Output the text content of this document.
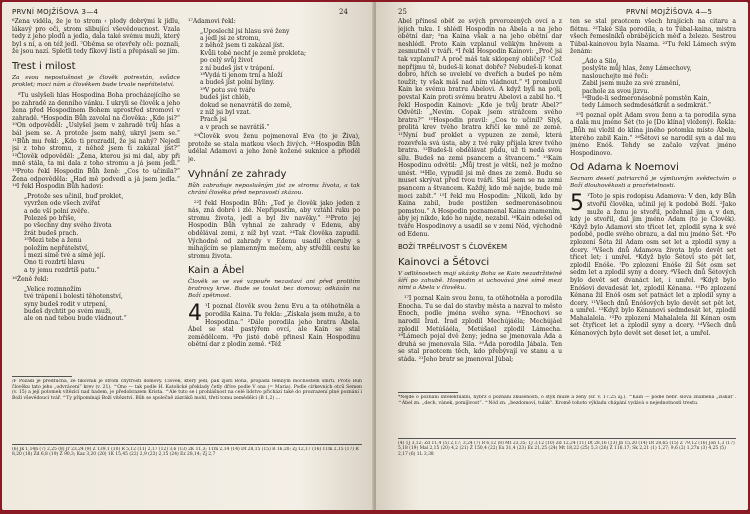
PRVNÍ MOJŽÍŠOVA 3—4	24

⁶Žena viděla, že je to strom ‹ plody dobrými k jídlu, lákavý pro oči, strom slibující vševědoucnost. Vzala tedy z jeho plodů a jedla, dala také svému muži, který byl s ní, a on též jedl. ⁷Oběma se otevřely oči: poznali, že jsou nazí. Spletli tedy fíkový listí a přepásali se jím.

Trest i milost
Za svou neposlušnost je člověk potrestán, svůdce proklet; moci nám a člověkem bude trvale nepřátelství.

⁸Tu uslyšeli hlas Hospodina Boha procházejícího se po zahradě za denního vánku. I ukryli se člověk a jeho žena před Hospodinem Bohem uprostřed stromoví v zahradě. ⁹Hospodin Bůh zavolal na člověka: „Kde jsi?“ ¹⁰On odpověděl: „Uslyšel jsem v zahradě tvůj hlas a bál jsem se. A protože jsem nahý, ukryl jsem se.“ ¹¹Bůh mu řekl: „Kdo ti prozradil, že jsi nahý? Nejedl jsi z toho stromu, z něhož jsem ti zakázal jíst?“ ¹²Člověk odpověděl: „Žena, kterou jsi mi dal, aby při mně stála, ta mi dala z toho stromu a já jsem jedl.“ ¹³Proto řekl Hospodin Bůh ženě: „Cos to učinila?“ Žena odpověděla: „Had mě podvedl a já jsem jedla.“ ¹⁴I řekl Hospodin Bůh hadovi:

„Protože ses učinil, buď proklet,
vyvržen ode všech zvířat
a ode vší polní zvěře.
Polezeš po břiše,
po všechny dny svého života
žrát budeš prach.
¹⁵Mezi tebe a ženu
položím nepřátelství,
i mezi símě tvé a símě její.
Ono ti rozdrtí hlavu
a ty jemu rozdrtíš patu.“

¹⁶Ženě řekl:

„Velice rozmnožím
tvé trápení i bolesti těhotenství,
syny budeš rodit v utrpení,
budeš dychtit po svém muži,
ale on nad tebou bude vládnout.“

¹⁷Adamovi řekl:

„Uposlechl jsi hlasu své ženy
a jedl jsi ze stromu,
z něhož jsem ti zakázal jíst.
Kvůli tobě nechť je země prokleta;
po celý svůj život
z ní budeš jíst v trápení.
¹⁸Vydá ti jenom trní a hloží
a budeš jíst polní byliny.
¹⁹V potu své tváře
budeš jíst chléb,
dokud se nenavrátíš do země,
z níž jsi byl vzat.
Prach jsi
a v prach se navrátíš.“

²⁰Člověk svou ženu pojmenoval Eva (to je Živa), protože se stala matkou všech živých. ²¹Hospodin Bůh udělal Adamovi a jeho ženě kožené suknice a přioděl je.

Vyhnání ze zahrady
Bůh zabraňuje neposlušným jíst ze stromu života, a tak chrání člověka před nepravostí zkázou.

²²I řekl Hospodin Bůh: „Teď je člověk jako jeden z nás, zná dobré i zlé. Nepřipustím, aby vztáhl ruku po stromu života, jedl a byl živ navěky.“ ²³Proto jej Hospodin Bůh vyhnal ze zahrady v Edenu, aby obdělával zemi, z níž byl vzat. ²⁴Tak člověka zapudil. Východně od zahrady v Edenu usadil cheruby s mihajícím se plamenným mečem, aby střežili cestu ke stromu života.

Kain a Ábel
Člověk se ve své vzpouře nezastaví ani před prolitím bratrovy krve. Bude se toulat bez domova; odkázán na Boží zpětmost.

4 ¹I poznal člověk svou ženu Evu a ta otěhotněla a porodila Kaina. Tu řekla: „Získala jsem muže, a to Hospodina.“ ²Dále porodila jeho bratra Ábela. Ábel se stal pastýřem ovcí, ale Kain se stal zemědělcem. ³Po jisté době přinesl Kain Hospodinu obětní dar z plodin země. ⁴Též

/F Pozadí je předtucha, že fíkovník je strom chytrosti domovy. Člověk, který jedl, pak zjistí Boha, propadá temným mocnostem smrti. Proto Bůh člověku tato jeho „odvrácení“ krev (v. 21). ^Ono — tak podle H. Katolické překlady četly dříve podle V ona (= Maria). Podle církevních otců Semen (v. 15) a její potomek vítězící nad hadem, je předobrazem Krista. ^Ale tuto se i prohlášnost na celé lidstvo přichází také do prozrazení plné poznání i Boží vševědoucí tvář. ^Ty připomínají Boží vítězství. Bůh se společně zázráků mohl, třetí tomu zemědělci (B 1,2) ...
(6) Jk 1,14n (7) 2,25 (8) Jr 23,24 (9) Ž 139,1 (10) Ř 5,12 (11) 2,17 (12) 3,6 (13) 2K 11,3; 1Tm 2,14 (14) Dt 28,15 (15) Ř 16,20; Zj 12,17 (16) 1Tm 2,15 (17) Ř 8,20 (18) Žd 6,8 (19) Ž 90,3; Kaz 3,20 (20) 1K 15,45 (22) 2,9 (23) 2,15 (24) Ez 28,14; Zj 2,7
25	PRVNÍ MOJŽÍŠOVA 4—5

Ábel přinesl oběť ze svých prvorozených ovcí a z jejich tuku. I shlédl Hospodin na Ábela a na jeho obětní dar; ⁵na Kaina však a na jeho obětní dar neshlédl. Proto Kain vzplanul velikým hněvem a zesmutněl v tváři. ⁶I řekl Hospodin Kainovi: „Proč jsi tak vzplanul? A proč máš tak sklopený obličej? ⁷Což nepřijmu tě, budeš-li konat dobře? Nebudeš-li konat dobro, hřích se uvelebí ve dveřích a budeš po něm toužit; ty však máš nad ním vládnout.“ ⁸I promluvil Kain ke svému bratru Ábelovi. A když byli na poli, povstal Kain proti svému bratru Ábelovi a zabil ho. ⁹I řekl Hospodin Kainovi: „Kde je tvůj bratr Ábel?“ Odvětil: „Nevím. Copak jsem strážcem svého bratra?“ ¹⁰Hospodin pravil: „Cos to učinil? Slyš, prolitá krev tvého bratra křičí ke mně ze země. ¹¹Nyní buď proklet a vypuzen ze země, která rozevřela svá ústa, aby z tvé ruky přijala krev tvého bratra. ¹²Budeš-li obdělávat půdu, už ti nedá svou sílu. Budeš na zemi psancem a štvancem.“ ¹³Kain Hospodinu odvětil: „Můj trest je větší, než je možno unést. ¹⁴Hle, vypudil jsi mě dnes ze země. Budu se muset skrývat před tvou tváří. Stal jsem se na zemi psancem a štvancem. Každý, kdo mě najde, bude mě moci zabít.“ ¹⁵I řekl mu Hospodin: „Nikoli, kdo by Kaina zabil, bude postižen sedmeronásobnou pomstou.“ A Hospodin poznamenal Kaina znamením, aby jej nikdo, kdo ho najde, nezabil. ¹⁶Kain odešel od tváře Hospodinovy a usadil se v zemi Nód, východně od Edenu.

BOŽÍ TRPĚLIVOST S ČLOVĚKEM
Kainovci a Šétovci
V odlišnostech mají ukázky Boha se Kain nezadržitelně šíří po zahubě. Hospodin si uchovává jiné símě mezi nimi a Ábela v člověku.

¹⁷I poznal Kain svou ženu, ta otěhotněla a porodila Enocha. Tu se dal do stavby města a nazval to město Enoch, podle jména svého syna. ¹⁸Enochovi se narodil Írad. Írad zplodil Mechújáéla; Mechújáel zplodil Metúšáéla, Metúšael zplodil Lámecha. ¹⁹Lámech pojal dvě ženy; jedna se jmenovala Áda a druhá se jmenovala Sila. ²⁰Áda porodila Jábala. Ten se stal praotcem těch, kdo přebývají ve stanu a u stáda. ²¹Jeho bratr se jmenoval Júbal;

ten se stal praotcem všech hrajících na citaru a flétnu. ²²Také Sila porodila, a to Túbal-kaina, mistra všech řemeslníků obrábějících měď a železo. Sestrou Túbal-kainovou byla Naama. ²³Tu řekl Lámech svým ženám:

„Ádo a Silo,
poslyšte můj hlas, ženy Lámechovy,
naslouchejte mé řeči:
Zabil jsem muže za své zranění,
pachole za svou jizvu.
²⁴Bude-li sedmeronásobně pomstěn Kain,
tedy Lámech sedmdesátkrát a sedmkrát.“

²⁵I poznal opět Adam svou ženu a ta porodila syna a dala mu jméno Šét (to je [Do klína] vložený). Řekla: „Bůh mi vložil do klína jiného potomka místo Ábela, kterého zabil Kain.“ ²⁶Šétovi se narodil syn a dal mu jméno Enóš. Tehdy se začalo vzývat jméno Hospodinovo.

Od Adama k Noemovi
Seznam desetí patriarchů je výmluvným svědectvím o Boží dlouhověkosti a prozřetelnosti.

5 ¹Toto je spis rodopisu Adamova: V den, kdy Bůh stvořil člověka, učinil jej k podobě Boží. ²Jako muže a ženu je stvořil, požehnal jim a v den, kdy je stvořil, dal jim jméno Adam (to je Člověk). ³Když bylo Adamovi sto třicet let, zplodil syna k své podobě, podle svého obrazu, a dal mu jméno Šét. ⁴Po zplození Šéta žil Adam osm set let a zplodil syny a dcery. ⁵Všech dnů Adamova života bylo devět set třicet let; i umřel. ⁶Když bylo Šétovi sto pět let, zplodil Enóše. ⁷Po zplození Enóše žil Šét osm set sedm let a zplodil syny a dcery. ⁸Všech dnů Šétových bylo devět set dvanáct let, i umřel. ⁹Když bylo Enóšovi devadesát let, zplodil Kénana. ¹⁰Po zplození Kénana žil Enóš osm set patnáct let a zplodil syny a dcery. ¹¹Všech dnů Enóšových bylo devět set pět let, a umřel. ¹²Když bylo Kénanovi sedmdesát let, zplodil Mahalalela. ¹³Po zplození Mahalalela žil Kénan osm set čtyřicet let a zplodil syny a dcery. ¹⁴Všech dnů Kénanových bylo devět set deset let, a umřel.

*Nejde o poznání intelektuální, nýbrž o poznání zkušeností, o styk muže a ženy (sr. v. 17.25 aj.). ^Kain — podle hebr. slova znamená „získat“. ^Ábel zn. „dech, vánek, pomíjivost“. ^Nód zn. „bezdomoví, tulák“. Kromě tohoto výkladu chápání vydává o nejednotnosti trestu.
(4) 1J 3,12; Žd 11,4 (5) 2,17; 3,24 (7) Ř 6,12 (8) Mt 23,35; 1J 3,12 (10) Žd 12,24 (11) Dt 28,16 (13) Jb 15,20 (14) Dt 28,65 (15) Ž 79,12 (16) Jon 1,3 (17) 5,18 (19) Mal 2,15 (20) 4,2 (21) Ž 150,4 (22) Ex 31,4 (23) Ex 21,25 (24) Mt 18,22 (25) 5,3 (26) Ž 116,17; Sk 2,21 (1) 1,27; 9,6 (2) 1,27n (3) 4,25 (5) 2,17 (6) 1L 3,38
